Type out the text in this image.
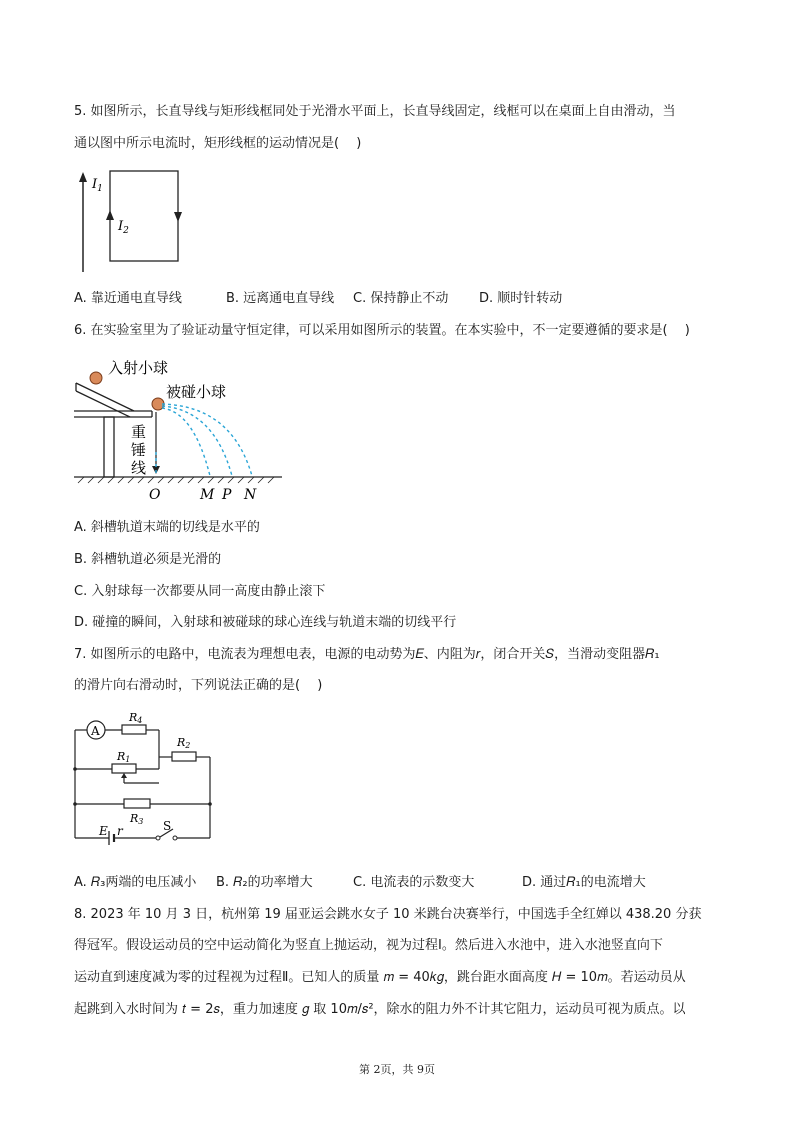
5. 如图所示，长直导线与矩形线框同处于光滑水平面上，长直导线固定，线框可以在桌面上自由滑动，当
通以图中所示电流时，矩形线框的运动情况是(　 )
$I_1$
$I_2$
A. 靠近通电直导线	B. 远离通电直导线 C. 保持静止不动 D. 顺时针转动
6. 在实验室里为了验证动量守恒定律，可以采用如图所示的装置。在本实验中，不一定要遵循的要求是(　 )
入射小球
被碰小球
重
锤
线
O	M P N
A. 斜槽轨道末端的切线是水平的
B. 斜槽轨道必须是光滑的
C. 入射球每一次都要从同一高度由静止滚下
D. 碰撞的瞬间，入射球和被碰球的球心连线与轨道末端的切线平行
7. 如图所示的电路中，电流表为理想电表，电源的电动势为𝐸、内阻为𝑟，闭合开关𝑆，当滑动变阻器𝑅₁
的滑片向右滑动时，下列说法正确的是(　 )
A
R4
R1
R2
R3
E r	S
A. 𝑅₃两端的电压减小 B. 𝑅₂的功率增大	C. 电流表的示数变大	D. 通过𝑅₁的电流增大
8. 2023 年 10 月 3 日，杭州第 19 届亚运会跳水女子 10 米跳台决赛举行，中国选手全红婵以 438.20 分获
得冠军。假设运动员的空中运动简化为竖直上抛运动，视为过程Ⅰ。然后进入水池中，进入水池竖直向下
运动直到速度减为零的过程视为过程Ⅱ。已知人的质量 𝑚 = 40𝑘𝑔，跳台距水面高度 𝐻 = 10𝑚。若运动员从
起跳到入水时间为 𝑡 = 2𝑠，重力加速度 𝑔 取 10𝑚/𝑠²，除水的阻力外不计其它阻力，运动员可视为质点。以
第 2页，共 9页
